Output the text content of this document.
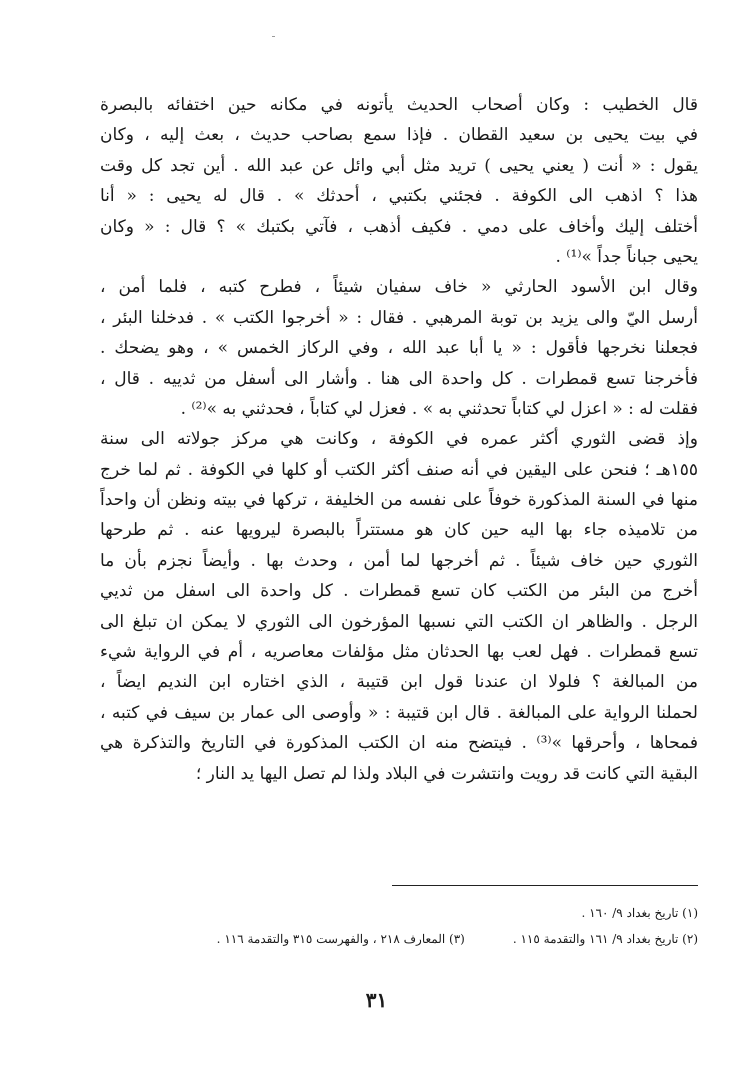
قال الخطيب : وكان أصحاب الحديث يأتونه في مكانه حين اختفائه بالبصرة
في بيت يحيى بن سعيد القطان . فإذا سمع بصاحب حديث ، بعث إليه ، وكان
يقول : « أنت ( يعني يحيى ) تريد مثل أبي وائل عن عبد الله . أين تجد كل وقت
هذا ؟ اذهب الى الكوفة . فجئني بكتبي ، أحدثك » . قال له يحيى : « أنا
أختلف إليك وأخاف على دمي . فكيف أذهب ، فآتي بكتبك » ؟ قال : « وكان
يحيى جباناً جداً »⁽¹⁾ .
وقال ابن الأسود الحارثي « خاف سفيان شيئاً ، فطرح كتبه ، فلما أمن ،
أرسل اليّ والى يزيد بن توبة المرهبي . فقال : « أخرجوا الكتب » . فدخلنا البئر ،
فجعلنا نخرجها فأقول : « يا أبا عبد الله ، وفي الركاز الخمس » ، وهو يضحك .
فأخرجنا تسع قمطرات . كل واحدة الى هنا . وأشار الى أسفل من ثدييه . قال ،
فقلت له : « اعزل لي كتاباً تحدثني به » . فعزل لي كتاباً ، فحدثني به »⁽²⁾ .
وإذ قضى الثوري أكثر عمره في الكوفة ، وكانت هي مركز جولاته الى سنة
١٥٥هـ ؛ فنحن على اليقين في أنه صنف أكثر الكتب أو كلها في الكوفة . ثم لما خرج
منها في السنة المذكورة خوفاً على نفسه من الخليفة ، تركها في بيته ونظن أن واحداً
من تلاميذه جاء بها اليه حين كان هو مستتراً بالبصرة ليرويها عنه . ثم طرحها
الثوري حين خاف شيئاً . ثم أخرجها لما أمن ، وحدث بها . وأيضاً نجزم بأن ما
أخرج من البئر من الكتب كان تسع قمطرات . كل واحدة الى اسفل من ثديي
الرجل . والظاهر ان الكتب التي نسبها المؤرخون الى الثوري لا يمكن ان تبلغ الى
تسع قمطرات . فهل لعب بها الحدثان مثل مؤلفات معاصريه ، أم في الرواية شيء
من المبالغة ؟ فلولا ان عندنا قول ابن قتيبة ، الذي اختاره ابن النديم ايضاً ،
لحملنا الرواية على المبالغة . قال ابن قتيبة : « وأوصى الى عمار بن سيف في كتبه ،
فمحاها ، وأحرقها »⁽³⁾ . فيتضح منه ان الكتب المذكورة في التاريخ والتذكرة هي
البقية التي كانت قد رويت وانتشرت في البلاد ولذا لم تصل اليها يد النار ؛
(١) تاريخ بغداد ٩/ ١٦٠ .
(٢) تاريخ بغداد ٩/ ١٦١ والتقدمة ١١٥ .
(٣) المعارف ٢١٨ ، والفهرست ٣١٥ والتقدمة ١١٦ .
٣١
